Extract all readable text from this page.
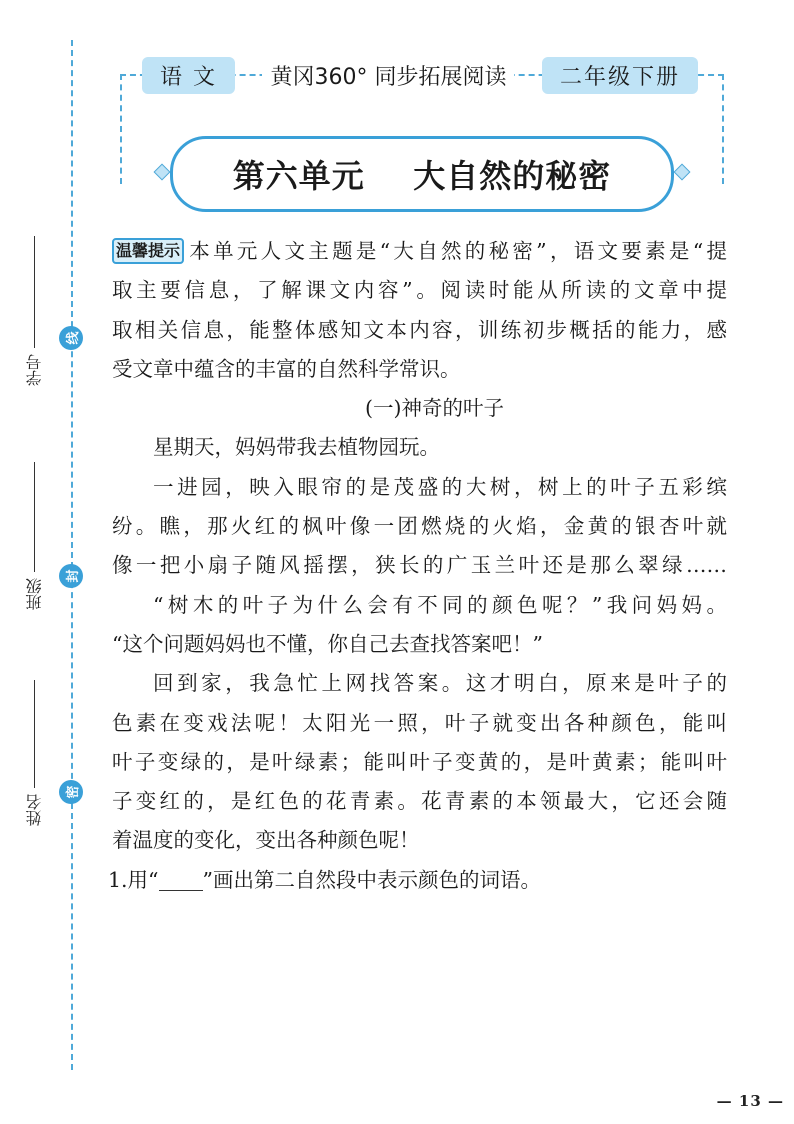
线
封
密
学号
班级
姓名
语 文	黄冈360° 同步拓展阅读	二年级下册
第六单元    大自然的秘密

温馨提示 本单元人文主题是“大自然的秘密”，语文要素是“提

取主要信息，了解课文内容”。阅读时能从所读的文章中提

取相关信息，能整体感知文本内容，训练初步概括的能力，感

受文章中蕴含的丰富的自然科学常识。

(一)神奇的叶子

星期天，妈妈带我去植物园玩。

一进园，映入眼帘的是茂盛的大树，树上的叶子五彩缤

纷。瞧，那火红的枫叶像一团燃烧的火焰，金黄的银杏叶就

像一把小扇子随风摇摆，狭长的广玉兰叶还是那么翠绿……

“树木的叶子为什么会有不同的颜色呢？”我问妈妈。

“这个问题妈妈也不懂，你自己去查找答案吧！”

回到家，我急忙上网找答案。这才明白，原来是叶子的

色素在变戏法呢！太阳光一照，叶子就变出各种颜色，能叫

叶子变绿的，是叶绿素；能叫叶子变黄的，是叶黄素；能叫叶

子变红的，是红色的花青素。花青素的本领最大，它还会随

着温度的变化，变出各种颜色呢！

1.用“ ”画出第二自然段中表示颜色的词语。

— 13 —
